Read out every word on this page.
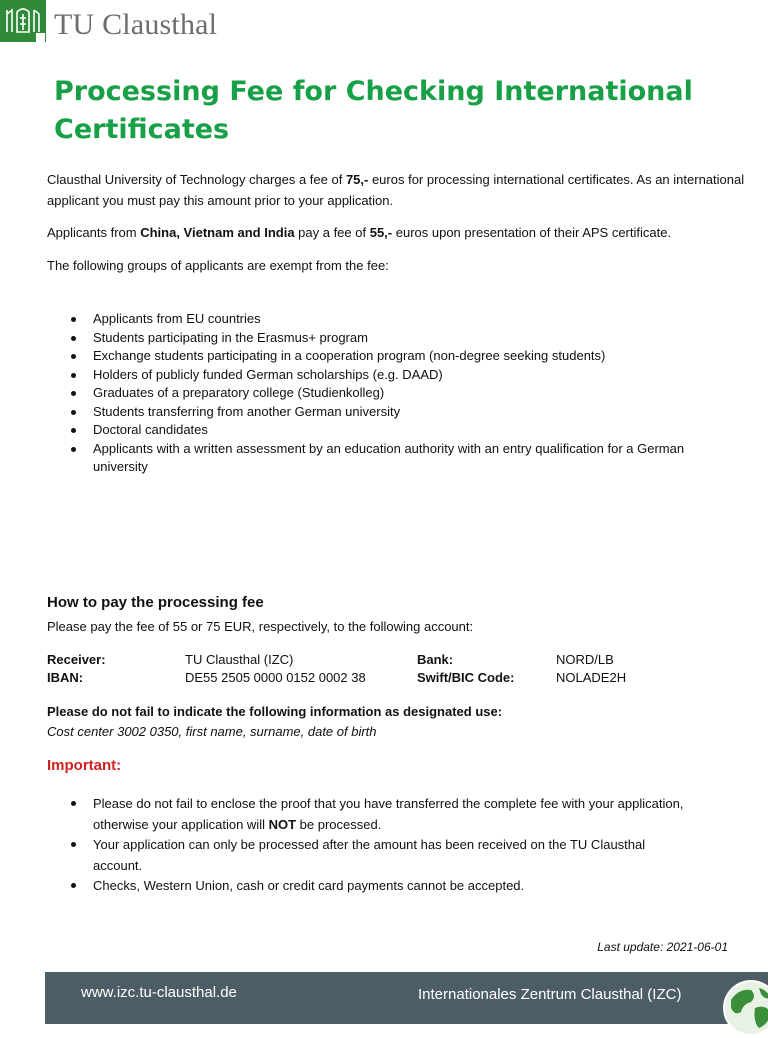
TU Clausthal
Processing Fee for Checking International Certificates

Clausthal University of Technology charges a fee of 75,- euros for processing international certificates. As an international applicant you must pay this amount prior to your application.

Applicants from China, Vietnam and India pay a fee of 55,- euros upon presentation of their APS certificate.

The following groups of applicants are exempt from the fee:

Applicants from EU countries
Students participating in the Erasmus+ program
Exchange students participating in a cooperation program (non-degree seeking students)
Holders of publicly funded German scholarships (e.g. DAAD)
Graduates of a preparatory college (Studienkolleg)
Students transferring from another German university
Doctoral candidates
Applicants with a written assessment by an education authority with an entry qualification for a German university
How to pay the processing fee

Please pay the fee of 55 or 75 EUR, respectively, to the following account:

Receiver:	TU Clausthal (IZC)	Bank:	NORD/LB
IBAN:	DE55 2505 0000 0152 0002 38	Swift/BIC Code:	NOLADE2H

Please do not fail to indicate the following information as designated use:

Cost center 3002 0350, first name, surname, date of birth

Important:
Please do not fail to enclose the proof that you have transferred the complete fee with your application, otherwise your application will NOT be processed.
Your application can only be processed after the amount has been received on the TU Clausthal account.
Checks, Western Union, cash or credit card payments cannot be accepted.
Last update: 2021-06-01
www.izc.tu-clausthal.de	Internationales Zentrum Clausthal (IZC)
